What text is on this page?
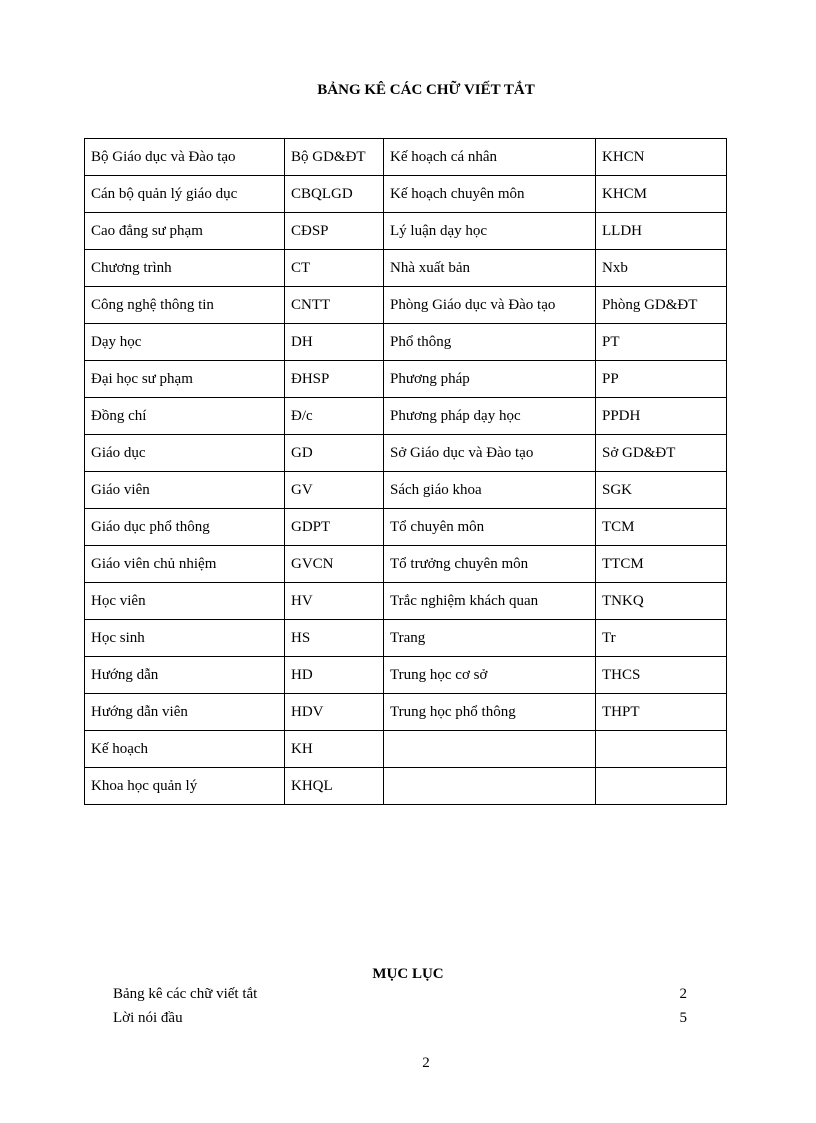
BẢNG KÊ CÁC CHỮ VIẾT TẮT
Bộ Giáo dục và Đào tạo	Bộ GD&ĐT	Kế hoạch cá nhân	KHCN
Cán bộ quản lý giáo dục	CBQLGD	Kế hoạch chuyên môn	KHCM
Cao đẳng sư phạm	CĐSP	Lý luận dạy học	LLDH
Chương trình	CT	Nhà xuất bản	Nxb
Công nghệ thông tin	CNTT	Phòng Giáo dục và Đào tạo	Phòng GD&ĐT
Dạy học	DH	Phổ thông	PT
Đại học sư phạm	ĐHSP	Phương pháp	PP
Đồng chí	Đ/c	Phương pháp dạy học	PPDH
Giáo dục	GD	Sở Giáo dục và Đào tạo	Sở GD&ĐT
Giáo viên	GV	Sách giáo khoa	SGK
Giáo dục phổ thông	GDPT	Tổ chuyên môn	TCM
Giáo viên chủ nhiệm	GVCN	Tổ trưởng chuyên môn	TTCM
Học viên	HV	Trắc nghiệm khách quan	TNKQ
Học sinh	HS	Trang	Tr
Hướng dẫn	HD	Trung học cơ sở	THCS
Hướng dẫn viên	HDV	Trung học phổ thông	THPT
Kế hoạch	KH		
Khoa học quản lý	KHQL		
MỤC LỤC
Bảng kê các chữ viết tắt	2
Lời nói đầu	5
2
